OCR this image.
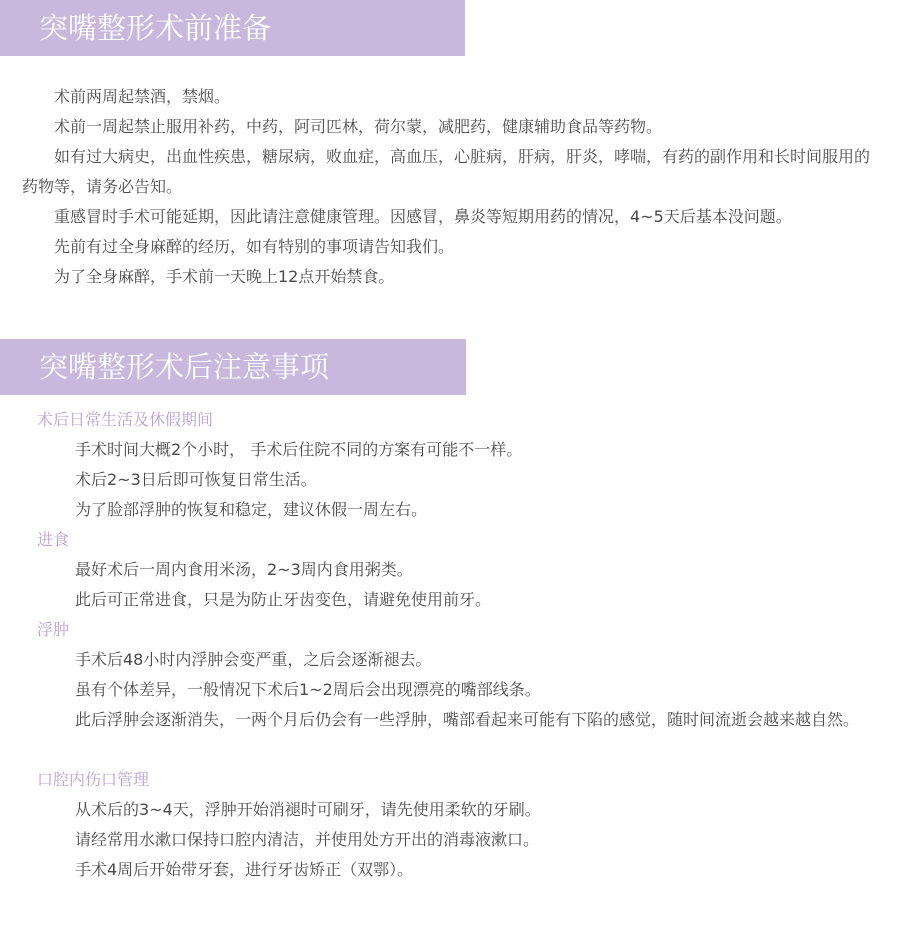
突嘴整形术前准备

术前两周起禁酒，禁烟。

术前一周起禁止服用补药，中药，阿司匹林，荷尔蒙，减肥药，健康辅助食品等药物。

如有过大病史，出血性疾患，糖尿病，败血症，高血压，心脏病，肝病，肝炎，哮喘，有药的副作用和长时间服用的药物等，请务必告知。

重感冒时手术可能延期，因此请注意健康管理。因感冒，鼻炎等短期用药的情况，4~5天后基本没问题。

先前有过全身麻醉的经历，如有特别的事项请告知我们。

为了全身麻醉，手术前一天晚上12点开始禁食。

突嘴整形术后注意事项
术后日常生活及休假期间

手术时间大概2个小时， 手术后住院不同的方案有可能不一样。

术后2~3日后即可恢复日常生活。

为了脸部浮肿的恢复和稳定，建议休假一周左右。

进食

最好术后一周内食用米汤，2~3周内食用粥类。

此后可正常进食，只是为防止牙齿变色，请避免使用前牙。

浮肿

手术后48小时内浮肿会变严重，之后会逐渐褪去。

虽有个体差异，一般情况下术后1~2周后会出现漂亮的嘴部线条。

此后浮肿会逐渐消失，一两个月后仍会有一些浮肿，嘴部看起来可能有下陷的感觉，随时间流逝会越来越自然。

口腔内伤口管理

从术后的3~4天，浮肿开始消褪时可刷牙，请先使用柔软的牙刷。

请经常用水漱口保持口腔内清洁，并使用处方开出的消毒液漱口。

手术4周后开始带牙套，进行牙齿矫正（双鄂）。
